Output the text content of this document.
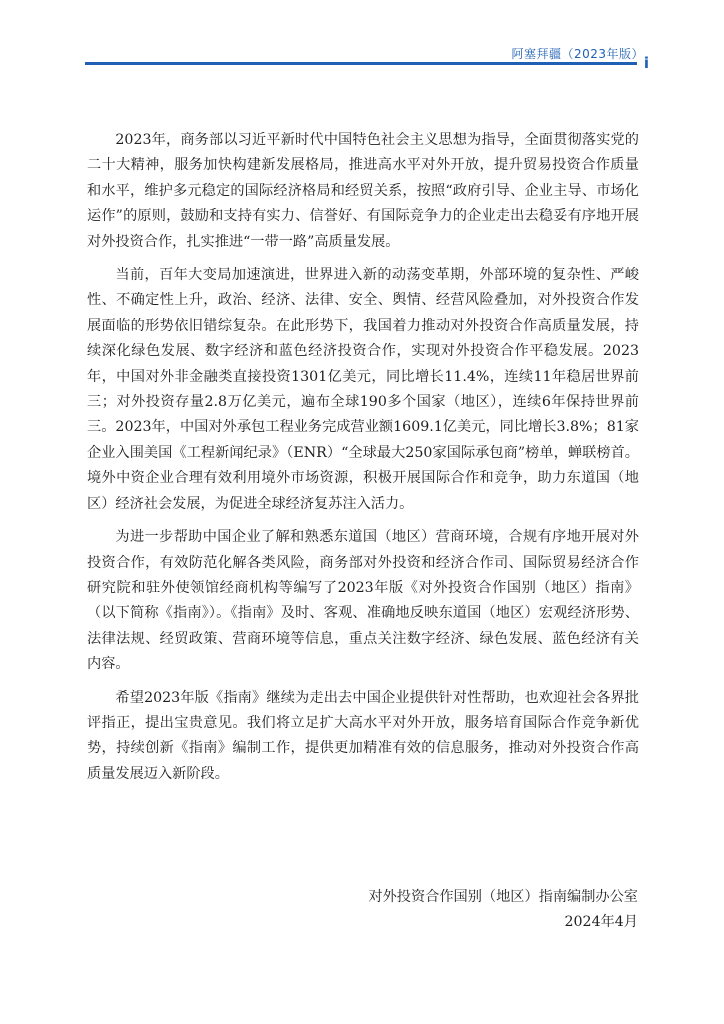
阿塞拜疆（2023年版） i

2023年，商务部以习近平新时代中国特色社会主义思想为指导，全面贯彻落实党的二十大精神，服务加快构建新发展格局，推进高水平对外开放，提升贸易投资合作质量和水平，维护多元稳定的国际经济格局和经贸关系，按照“政府引导、企业主导、市场化运作”的原则，鼓励和支持有实力、信誉好、有国际竞争力的企业走出去稳妥有序地开展对外投资合作，扎实推进“一带一路”高质量发展。

当前，百年大变局加速演进，世界进入新的动荡变革期，外部环境的复杂性、严峻性、不确定性上升，政治、经济、法律、安全、舆情、经营风险叠加，对外投资合作发展面临的形势依旧错综复杂。在此形势下，我国着力推动对外投资合作高质量发展，持续深化绿色发展、数字经济和蓝色经济投资合作，实现对外投资合作平稳发展。2023年，中国对外非金融类直接投资1301亿美元，同比增长11.4%，连续11年稳居世界前三；对外投资存量2.8万亿美元，遍布全球190多个国家（地区），连续6年保持世界前三。2023年，中国对外承包工程业务完成营业额1609.1亿美元，同比增长3.8%；81家企业入围美国《工程新闻纪录》（ENR）“全球最大250家国际承包商”榜单，蝉联榜首。境外中资企业合理有效利用境外市场资源，积极开展国际合作和竞争，助力东道国（地区）经济社会发展，为促进全球经济复苏注入活力。

为进一步帮助中国企业了解和熟悉东道国（地区）营商环境，合规有序地开展对外投资合作，有效防范化解各类风险，商务部对外投资和经济合作司、国际贸易经济合作研究院和驻外使领馆经商机构等编写了2023年版《对外投资合作国别（地区）指南》（以下简称《指南》）。《指南》及时、客观、准确地反映东道国（地区）宏观经济形势、法律法规、经贸政策、营商环境等信息，重点关注数字经济、绿色发展、蓝色经济有关内容。

希望2023年版《指南》继续为走出去中国企业提供针对性帮助，也欢迎社会各界批评指正，提出宝贵意见。我们将立足扩大高水平对外开放，服务培育国际合作竞争新优势，持续创新《指南》编制工作，提供更加精准有效的信息服务，推动对外投资合作高质量发展迈入新阶段。

对外投资合作国别（地区）指南编制办公室
2024年4月
